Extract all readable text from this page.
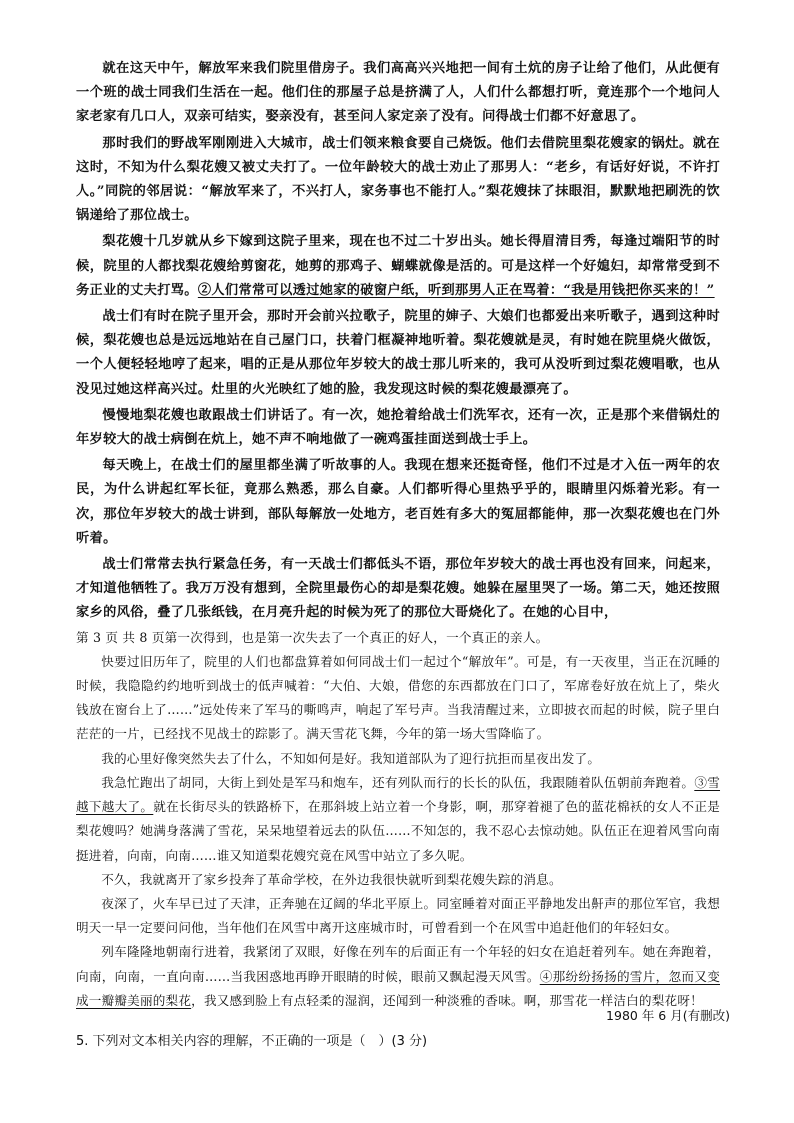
就在这天中午，解放军来我们院里借房子。我们高高兴兴地把一间有土炕的房子让给了他们，从此便有一个班的战士同我们生活在一起。他们住的那屋子总是挤满了人，人们什么都想打听，竟连那个一个地问人家老家有几口人，双亲可结实，娶亲没有，甚至问人家定亲了没有。问得战士们都不好意思了。

那时我们的野战军刚刚进入大城市，战士们领来粮食要自己烧饭。他们去借院里梨花嫂家的锅灶。就在这时，不知为什么梨花嫂又被丈夫打了。一位年龄较大的战士劝止了那男人：“老乡，有话好好说，不许打人。”同院的邻居说：“解放军来了，不兴打人，家务事也不能打人。”梨花嫂抹了抹眼泪，默默地把刷洗的饮锅递给了那位战士。

梨花嫂十几岁就从乡下嫁到这院子里来，现在也不过二十岁出头。她长得眉清目秀，每逢过端阳节的时候，院里的人都找梨花嫂给剪窗花，她剪的那鸡子、蝴蝶就像是活的。可是这样一个好媳妇，却常常受到不务正业的丈夫打骂。②人们常常可以透过她家的破窗户纸，听到那男人正在骂着：“我是用钱把你买来的！”

战士们有时在院子里开会，那时开会前兴拉歌子，院里的婶子、大娘们也都爱出来听歌子，遇到这种时候，梨花嫂也总是远远地站在自己屋门口，扶着门框凝神地听着。梨花嫂就是灵，有时她在院里烧火做饭，一个人便轻轻地哼了起来，唱的正是从那位年岁较大的战士那儿听来的，我可从没听到过梨花嫂唱歌，也从没见过她这样高兴过。灶里的火光映红了她的脸，我发现这时候的梨花嫂最漂亮了。

慢慢地梨花嫂也敢跟战士们讲话了。有一次，她抢着给战士们洗军衣，还有一次，正是那个来借锅灶的年岁较大的战士病倒在炕上，她不声不响地做了一碗鸡蛋挂面送到战士手上。

每天晚上，在战士们的屋里都坐满了听故事的人。我现在想来还挺奇怪，他们不过是才入伍一两年的农民，为什么讲起红军长征，竟那么熟悉，那么自豪。人们都听得心里热乎乎的，眼睛里闪烁着光彩。有一次，那位年岁较大的战士讲到，部队每解放一处地方，老百姓有多大的冤屈都能伸，那一次梨花嫂也在门外听着。

战士们常常去执行紧急任务，有一天战士们都低头不语，那位年岁较大的战士再也没有回来，问起来，才知道他牺牲了。我万万没有想到，全院里最伤心的却是梨花嫂。她躲在屋里哭了一场。第二天，她还按照家乡的风俗，叠了几张纸钱，在月亮升起的时候为死了的那位大哥烧化了。在她的心目中，

第 3 页 共 8 页第一次得到，也是第一次失去了一个真正的好人，一个真正的亲人。

快要过旧历年了，院里的人们也都盘算着如何同战士们一起过个“解放年”。可是，有一天夜里，当正在沉睡的时候，我隐隐约约地听到战士的低声喊着：“大伯、大娘，借您的东西都放在门口了，军席卷好放在炕上了，柴火钱放在窗台上了……”远处传来了军马的嘶鸣声，响起了军号声。当我清醒过来，立即披衣而起的时候，院子里白茫茫的一片，已经找不见战士的踪影了。满天雪花飞舞，今年的第一场大雪降临了。

我的心里好像突然失去了什么，不知如何是好。我知道部队为了迎行抗拒而星夜出发了。

我急忙跑出了胡同，大街上到处是军马和炮车，还有列队而行的长长的队伍，我跟随着队伍朝前奔跑着。③雪越下越大了。就在长街尽头的铁路桥下，在那斜坡上站立着一个身影，啊，那穿着褪了色的蓝花棉袄的女人不正是梨花嫂吗？她满身落满了雪花，呆呆地望着远去的队伍……不知怎的，我不忍心去惊动她。队伍正在迎着风雪向南挺进着，向南，向南……谁又知道梨花嫂究竟在风雪中站立了多久呢。

不久，我就离开了家乡投奔了革命学校，在外边我很快就听到梨花嫂失踪的消息。

夜深了，火车早已过了天津，正奔驰在辽阔的华北平原上。同室睡着对面正平静地发出鼾声的那位军官，我想明天一早一定要问问他，当年他们在风雪中离开这座城市时，可曾看到一个在风雪中追赶他们的年轻妇女。

列车隆隆地朝南行进着，我紧闭了双眼，好像在列车的后面正有一个年轻的妇女在追赶着列车。她在奔跑着，向南，向南，一直向南……当我困惑地再睁开眼睛的时候，眼前又飘起漫天风雪。④那纷纷扬扬的雪片，忽而又变成一瓣瓣美丽的梨花，我又感到脸上有点轻柔的湿润，还闻到一种淡雅的香味。啊，那雪花一样洁白的梨花呀！

1980 年 6 月(有删改)
5. 下列对文本相关内容的理解，不正确的一项是（　）(3 分)
